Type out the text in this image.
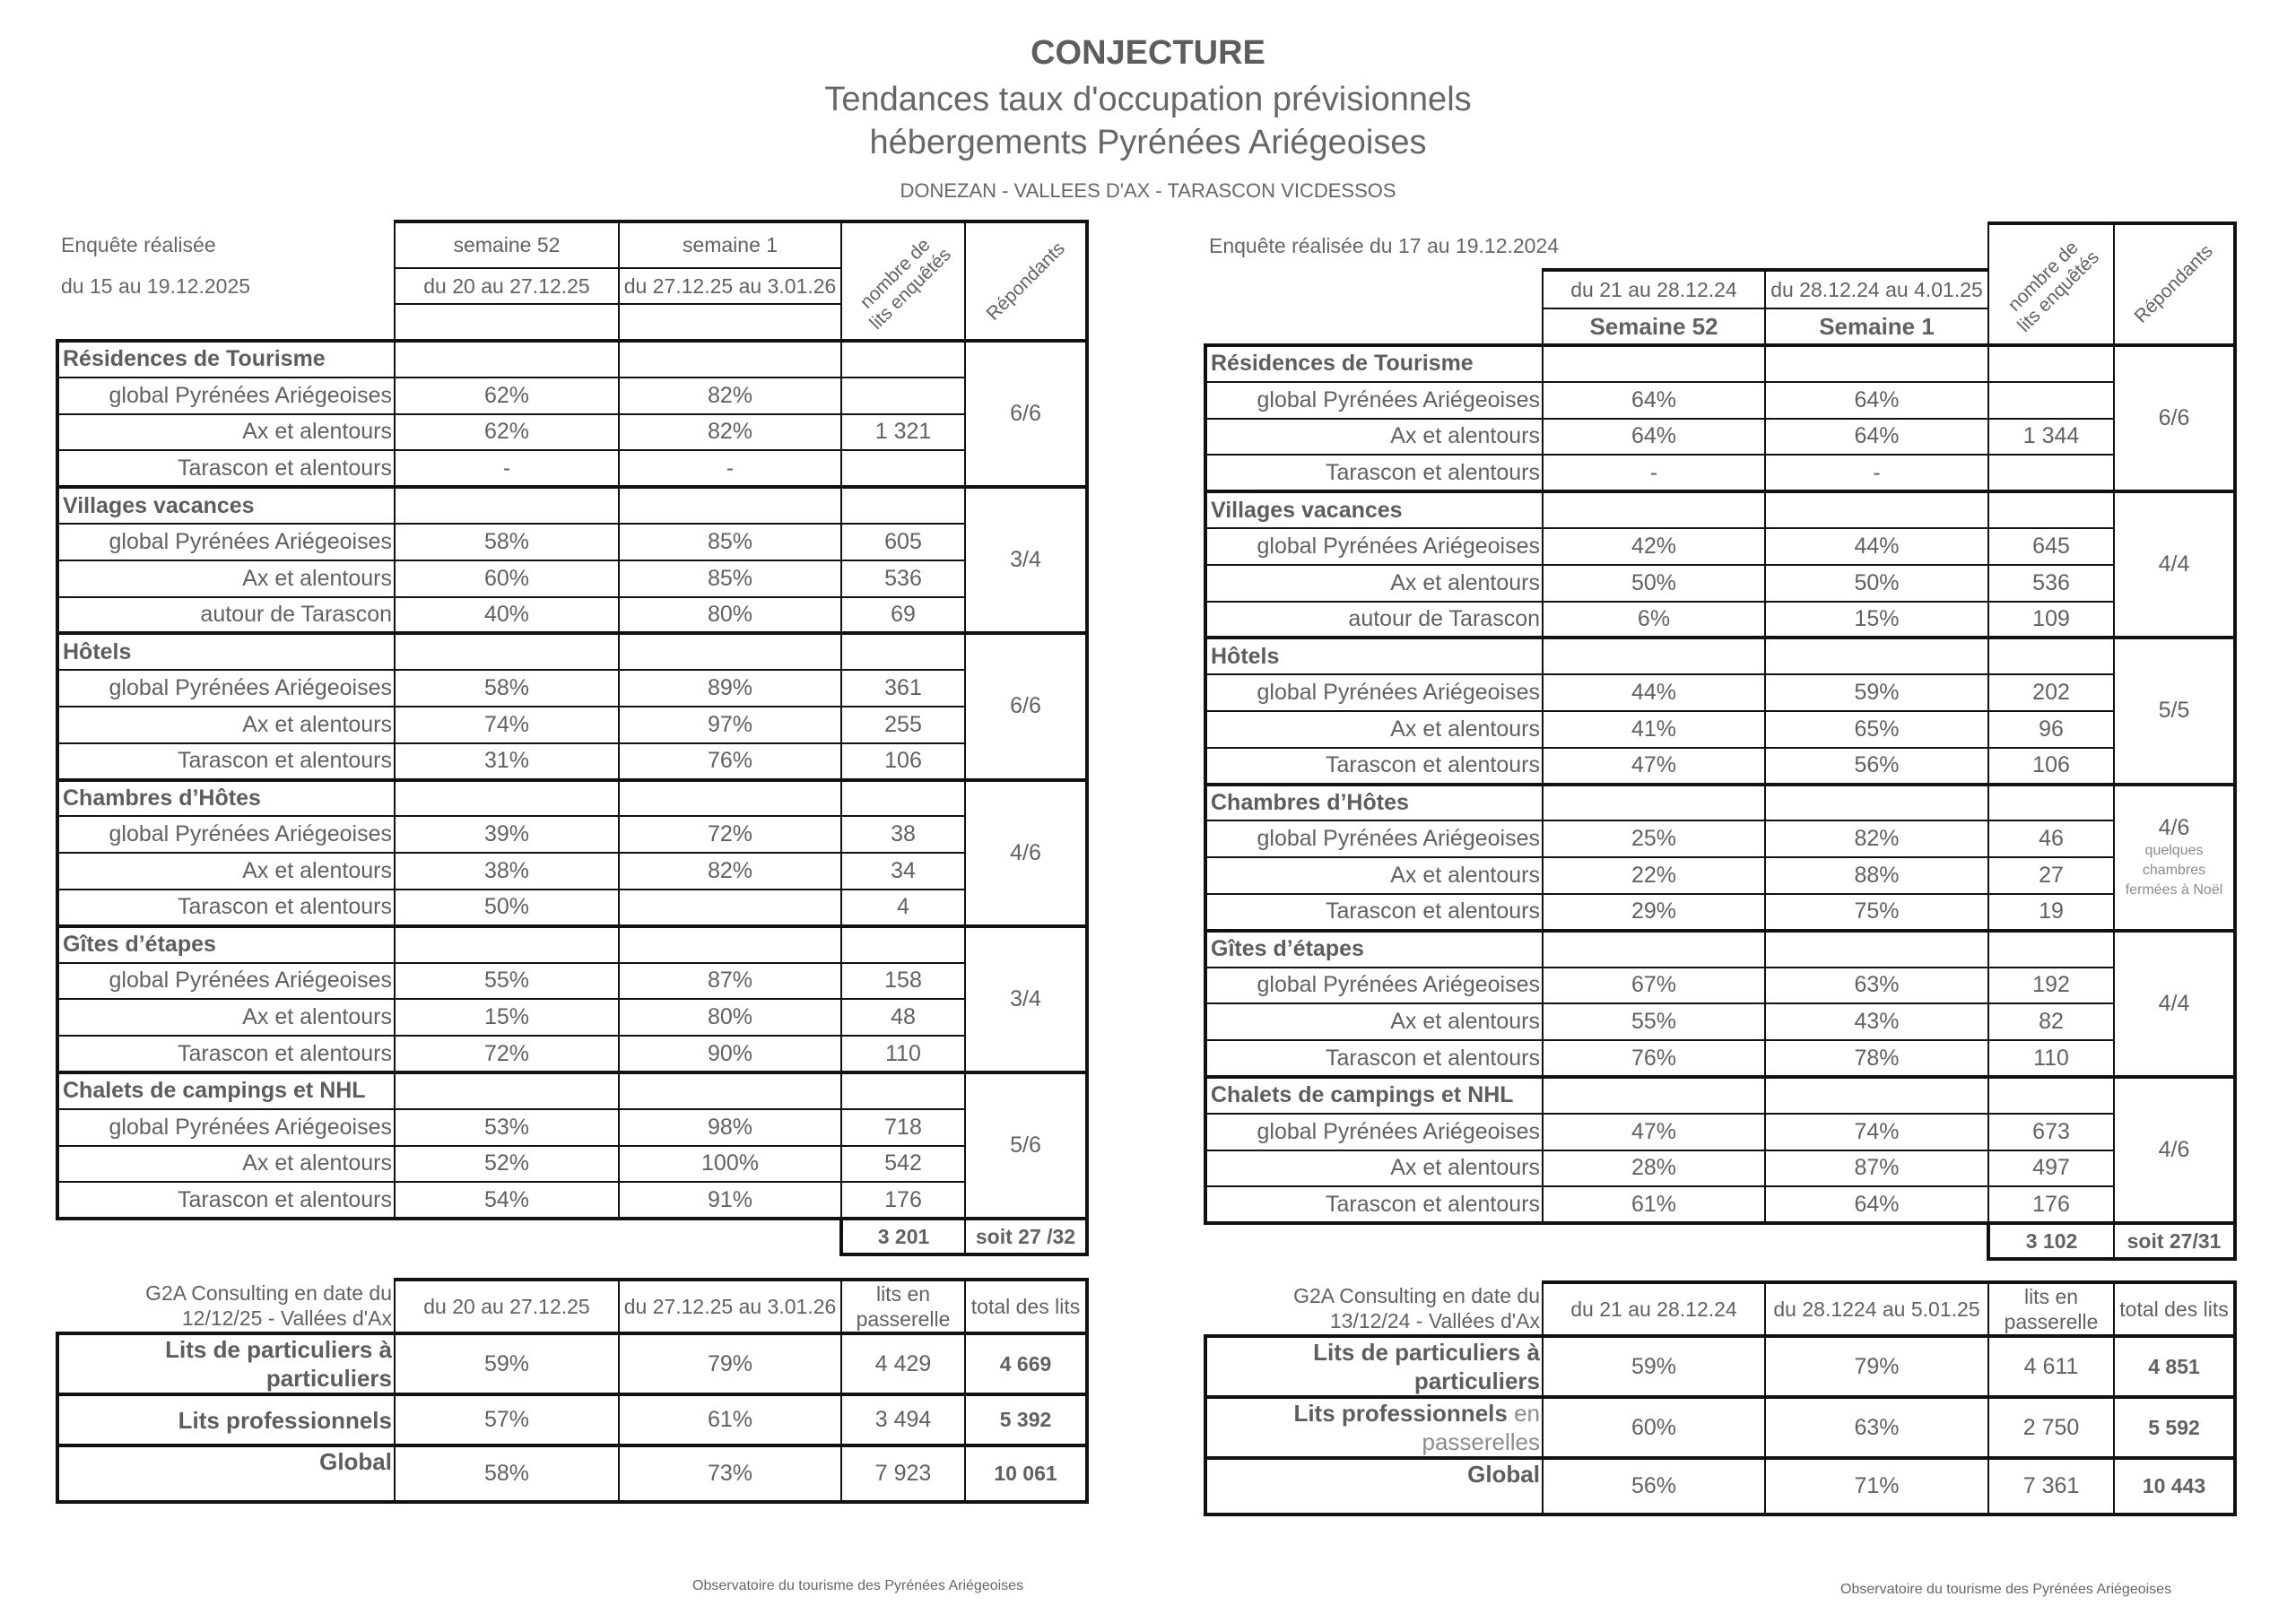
CONJECTURE
Tendances taux d'occupation prévisionnels
hébergements Pyrénées Ariégeoises
DONEZAN - VALLEES D'AX - TARASCON VICDESSOS
Enquête réalisée	semaine 52	semaine 1	nombre de lits enquêtés	Répondants

du 15 au 19.12.2025	du 20 au 27.12.25	du 27.12.25 au 3.01.26		

Résidences de Tourisme				6/6
global Pyrénées Ariégeoises	62%	82%		
Ax et alentours	62%	82%	1 321	
Tarascon et alentours	-	-		
Villages vacances				3/4
global Pyrénées Ariégeoises	58%	85%	605	
Ax et alentours	60%	85%	536	
autour de Tarascon	40%	80%	69	
Hôtels				6/6
global Pyrénées Ariégeoises	58%	89%	361	
Ax et alentours	74%	97%	255	
Tarascon et alentours	31%	76%	106	
Chambres d’Hôtes				4/6
global Pyrénées Ariégeoises	39%	72%	38	
Ax et alentours	38%	82%	34	
Tarascon et alentours	50%		4	
Gîtes d’étapes				3/4
global Pyrénées Ariégeoises	55%	87%	158	
Ax et alentours	15%	80%	48	
Tarascon et alentours	72%	90%	110	
Chalets de campings et NHL				5/6
global Pyrénées Ariégeoises	53%	98%	718	
Ax et alentours	52%	100%	542	
Tarascon et alentours	54%	91%	176	
			3 201	soit 27 /32
G2A Consulting en date du
12/12/25 - Vallées d'Ax	du 20 au 27.12.25	du 27.12.25 au 3.01.26	lits en passerelle	total des lits
Lits de particuliers à particuliers	59%	79%	4 429	4 669
Lits professionnels	57%	61%	3 494	5 392
Global	58%	73%	7 923	10 061
Enquête réalisée du 17 au 19.12.2024			nombre de lits enquêtés	Répondants

	du 21 au 28.12.24	du 28.12.24 au 4.01.25		
	Semaine 52	Semaine 1		
Résidences de Tourisme				6/6
global Pyrénées Ariégeoises	64%	64%		
Ax et alentours	64%	64%	1 344	
Tarascon et alentours	-	-		
Villages vacances				4/4
global Pyrénées Ariégeoises	42%	44%	645	
Ax et alentours	50%	50%	536	
autour de Tarascon	6%	15%	109	
Hôtels				5/5
global Pyrénées Ariégeoises	44%	59%	202	
Ax et alentours	41%	65%	96	
Tarascon et alentours	47%	56%	106	
Chambres d’Hôtes				4/6
quelques chambres fermées à Noël

global Pyrénées Ariégeoises	25%	82%	46	
Ax et alentours	22%	88%	27	
Tarascon et alentours	29%	75%	19	
Gîtes d’étapes				4/4
global Pyrénées Ariégeoises	67%	63%	192	
Ax et alentours	55%	43%	82	
Tarascon et alentours	76%	78%	110	
Chalets de campings et NHL				4/6
global Pyrénées Ariégeoises	47%	74%	673	
Ax et alentours	28%	87%	497	
Tarascon et alentours	61%	64%	176	
			3 102	soit 27/31
G2A Consulting en date du
13/12/24 - Vallées d'Ax	du 21 au 28.12.24	du 28.1224 au 5.01.25	lits en passerelle	total des lits
Lits de particuliers à particuliers	59%	79%	4 611	4 851
Lits professionnels en passerelles	60%	63%	2 750	5 592
Global	56%	71%	7 361	10 443
Observatoire du tourisme des Pyrénées Ariégeoises	Observatoire du tourisme des Pyrénées Ariégeoises
